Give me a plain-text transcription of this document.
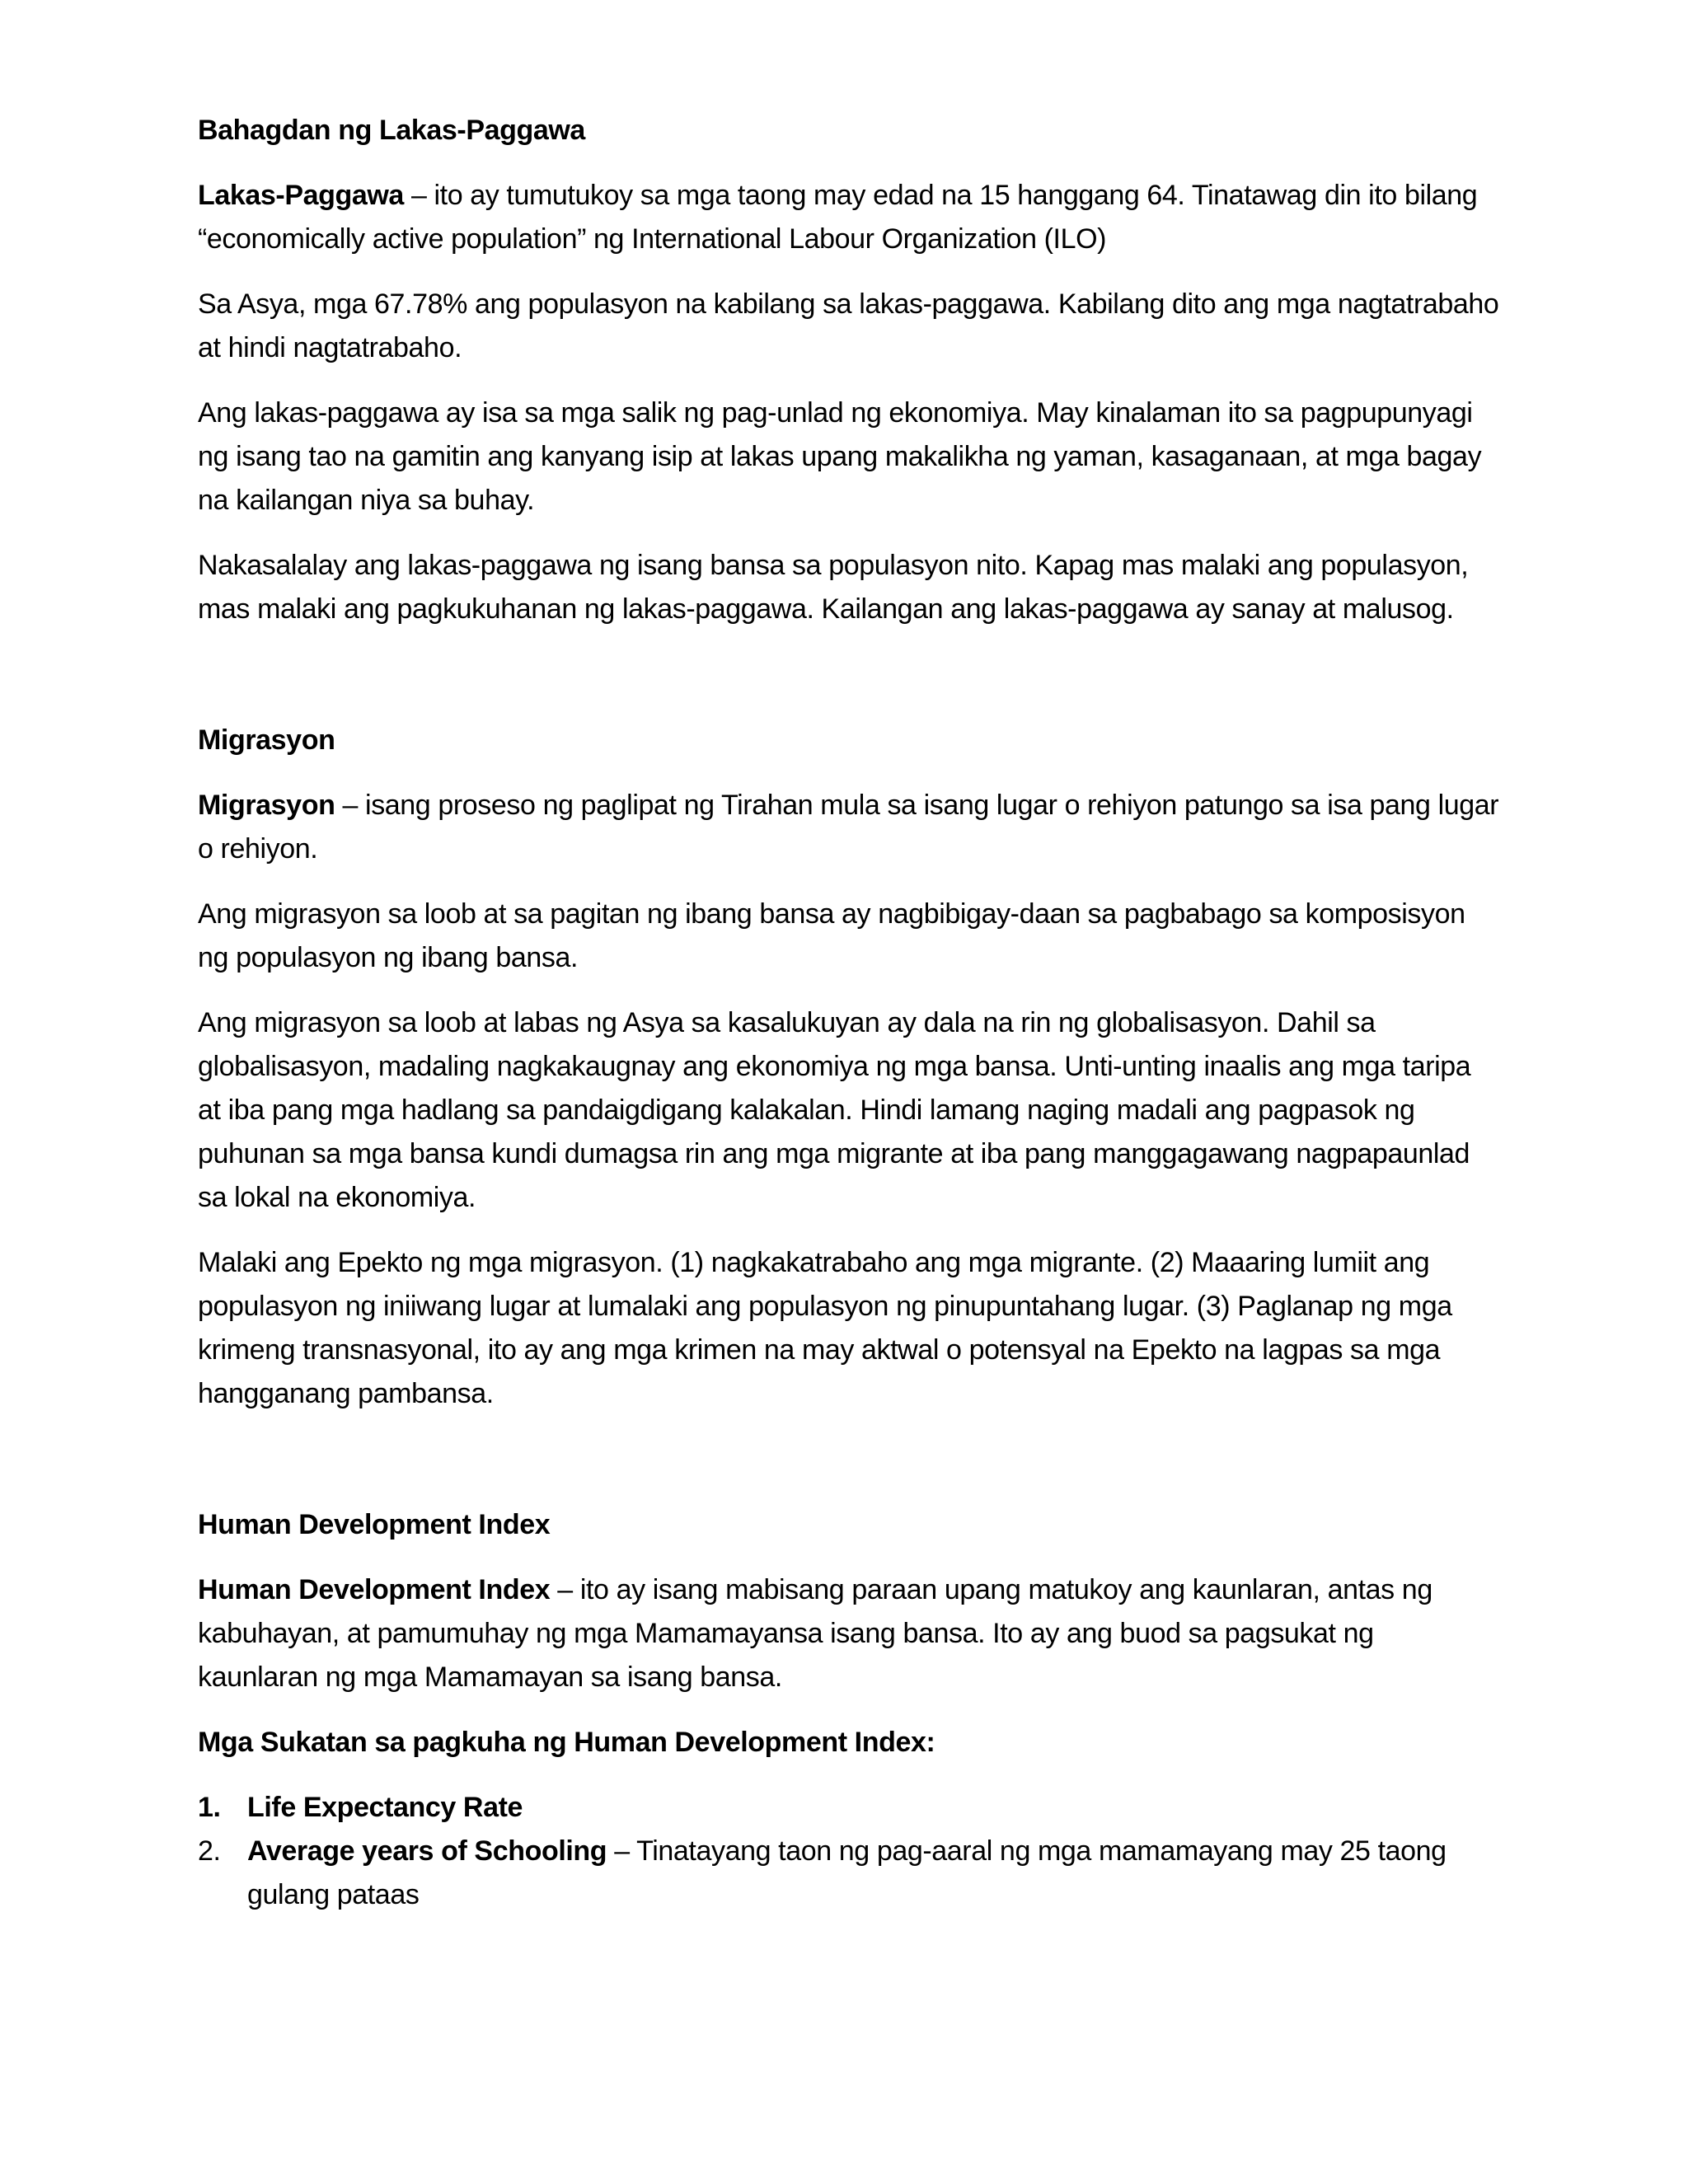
Bahagdan ng Lakas-Paggawa
Lakas-Paggawa – ito ay tumutukoy sa mga taong may edad na 15 hanggang 64. Tinatawag din ito bilang “economically active population” ng International Labour Organization (ILO)
Sa Asya, mga 67.78% ang populasyon na kabilang sa lakas-paggawa. Kabilang dito ang mga nagtatrabaho at hindi nagtatrabaho.
Ang lakas-paggawa ay isa sa mga salik ng pag-unlad ng ekonomiya. May kinalaman ito sa pagpupunyagi ng isang tao na gamitin ang kanyang isip at lakas upang makalikha ng yaman, kasaganaan, at mga bagay na kailangan niya sa buhay.
Nakasalalay ang lakas-paggawa ng isang bansa sa populasyon nito. Kapag mas malaki ang populasyon, mas malaki ang pagkukuhanan ng lakas-paggawa. Kailangan ang lakas-paggawa ay sanay at malusog.
Migrasyon
Migrasyon – isang proseso ng paglipat ng Tirahan mula sa isang lugar o rehiyon patungo sa isa pang lugar o rehiyon.
Ang migrasyon sa loob at sa pagitan ng ibang bansa ay nagbibigay-daan sa pagbabago sa komposisyon ng populasyon ng ibang bansa.
Ang migrasyon sa loob at labas ng Asya sa kasalukuyan ay dala na rin ng globalisasyon. Dahil sa globalisasyon, madaling nagkakaugnay ang ekonomiya ng mga bansa. Unti-unting inaalis ang mga taripa at iba pang mga hadlang sa pandaigdigang kalakalan. Hindi lamang naging madali ang pagpasok ng puhunan sa mga bansa kundi dumagsa rin ang mga migrante at iba pang manggagawang nagpapaunlad sa lokal na ekonomiya.
Malaki ang Epekto ng mga migrasyon. (1) nagkakatrabaho ang mga migrante. (2) Maaaring lumiit ang populasyon ng iniiwang lugar at lumalaki ang populasyon ng pinupuntahang lugar. (3) Paglanap ng mga krimeng transnasyonal, ito ay ang mga krimen na may aktwal o potensyal na Epekto na lagpas sa mga hangganang pambansa.
Human Development Index
Human Development Index – ito ay isang mabisang paraan upang matukoy ang kaunlaran, antas ng kabuhayan, at pamumuhay ng mga Mamamayansa isang bansa. Ito ay ang buod sa pagsukat ng kaunlaran ng mga Mamamayan sa isang bansa.
Mga Sukatan sa pagkuha ng Human Development Index:
1. Life Expectancy Rate
2. Average years of Schooling – Tinatayang taon ng pag-aaral ng mga mamamayang may 25 taong gulang pataas
